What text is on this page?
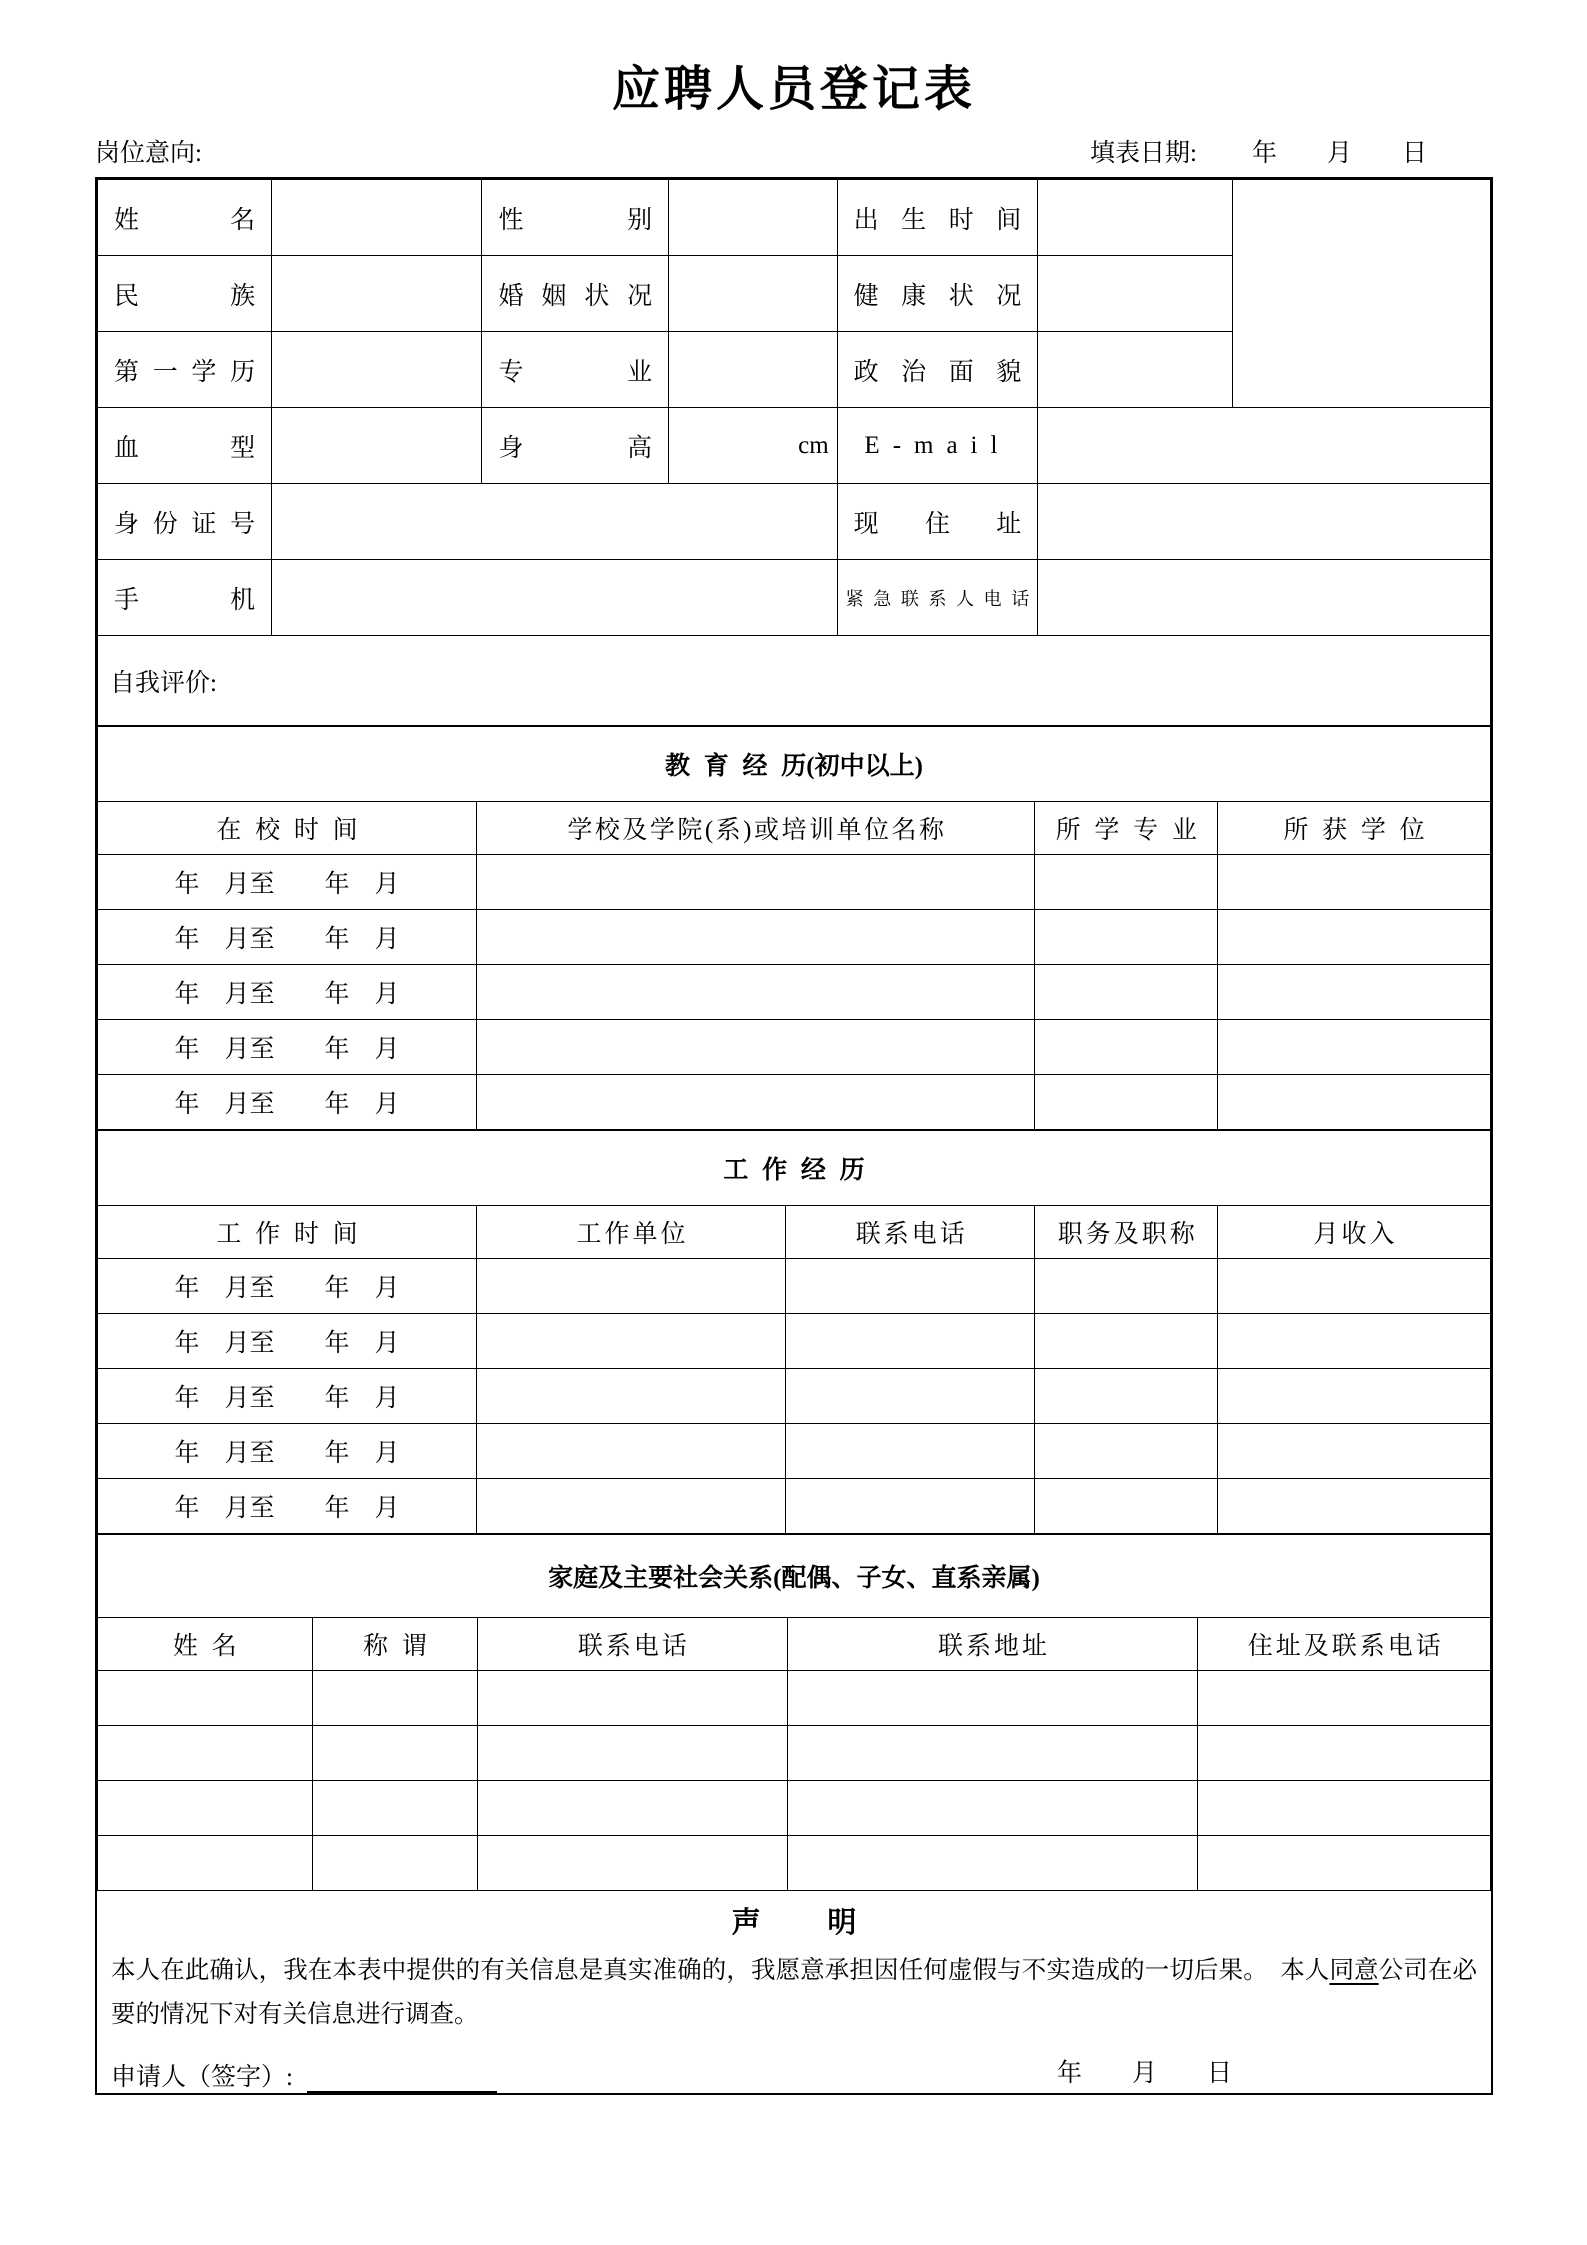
应聘人员登记表
岗位意向:	填表日期: 年　　月　　日
姓名		性别		出生时间		
民族		婚姻状况		健康状况		
第一学历		专业		政治面貌		
血型		身高	cm	E-mail		
身份证号				现住址		
手机				紧急联系人电话		
自我评价:						
教育经历(初中以上)			
在校时间	学校及学院(系)或培训单位名称	所学专业	所获学位
年　月至　　年　月			
年　月至　　年　月			
年　月至　　年　月			
年　月至　　年　月			
年　月至　　年　月			
工作经历				
工作时间	工作单位	联系电话	职务及职称	月收入
年　月至　　年　月				
年　月至　　年　月				
年　月至　　年　月				
年　月至　　年　月				
年　月至　　年　月				
家庭及主要社会关系(配偶、子女、直系亲属)				
姓名	称谓	联系电话	联系地址	住址及联系电话

声明

本人在此确认，我在本表中提供的有关信息是真实准确的，我愿意承担因任何虚假与不实造成的一切后果。　本人同意公司在必要的情况下对有关信息进行调查。

申请人（签字）:	年　　月　　日
